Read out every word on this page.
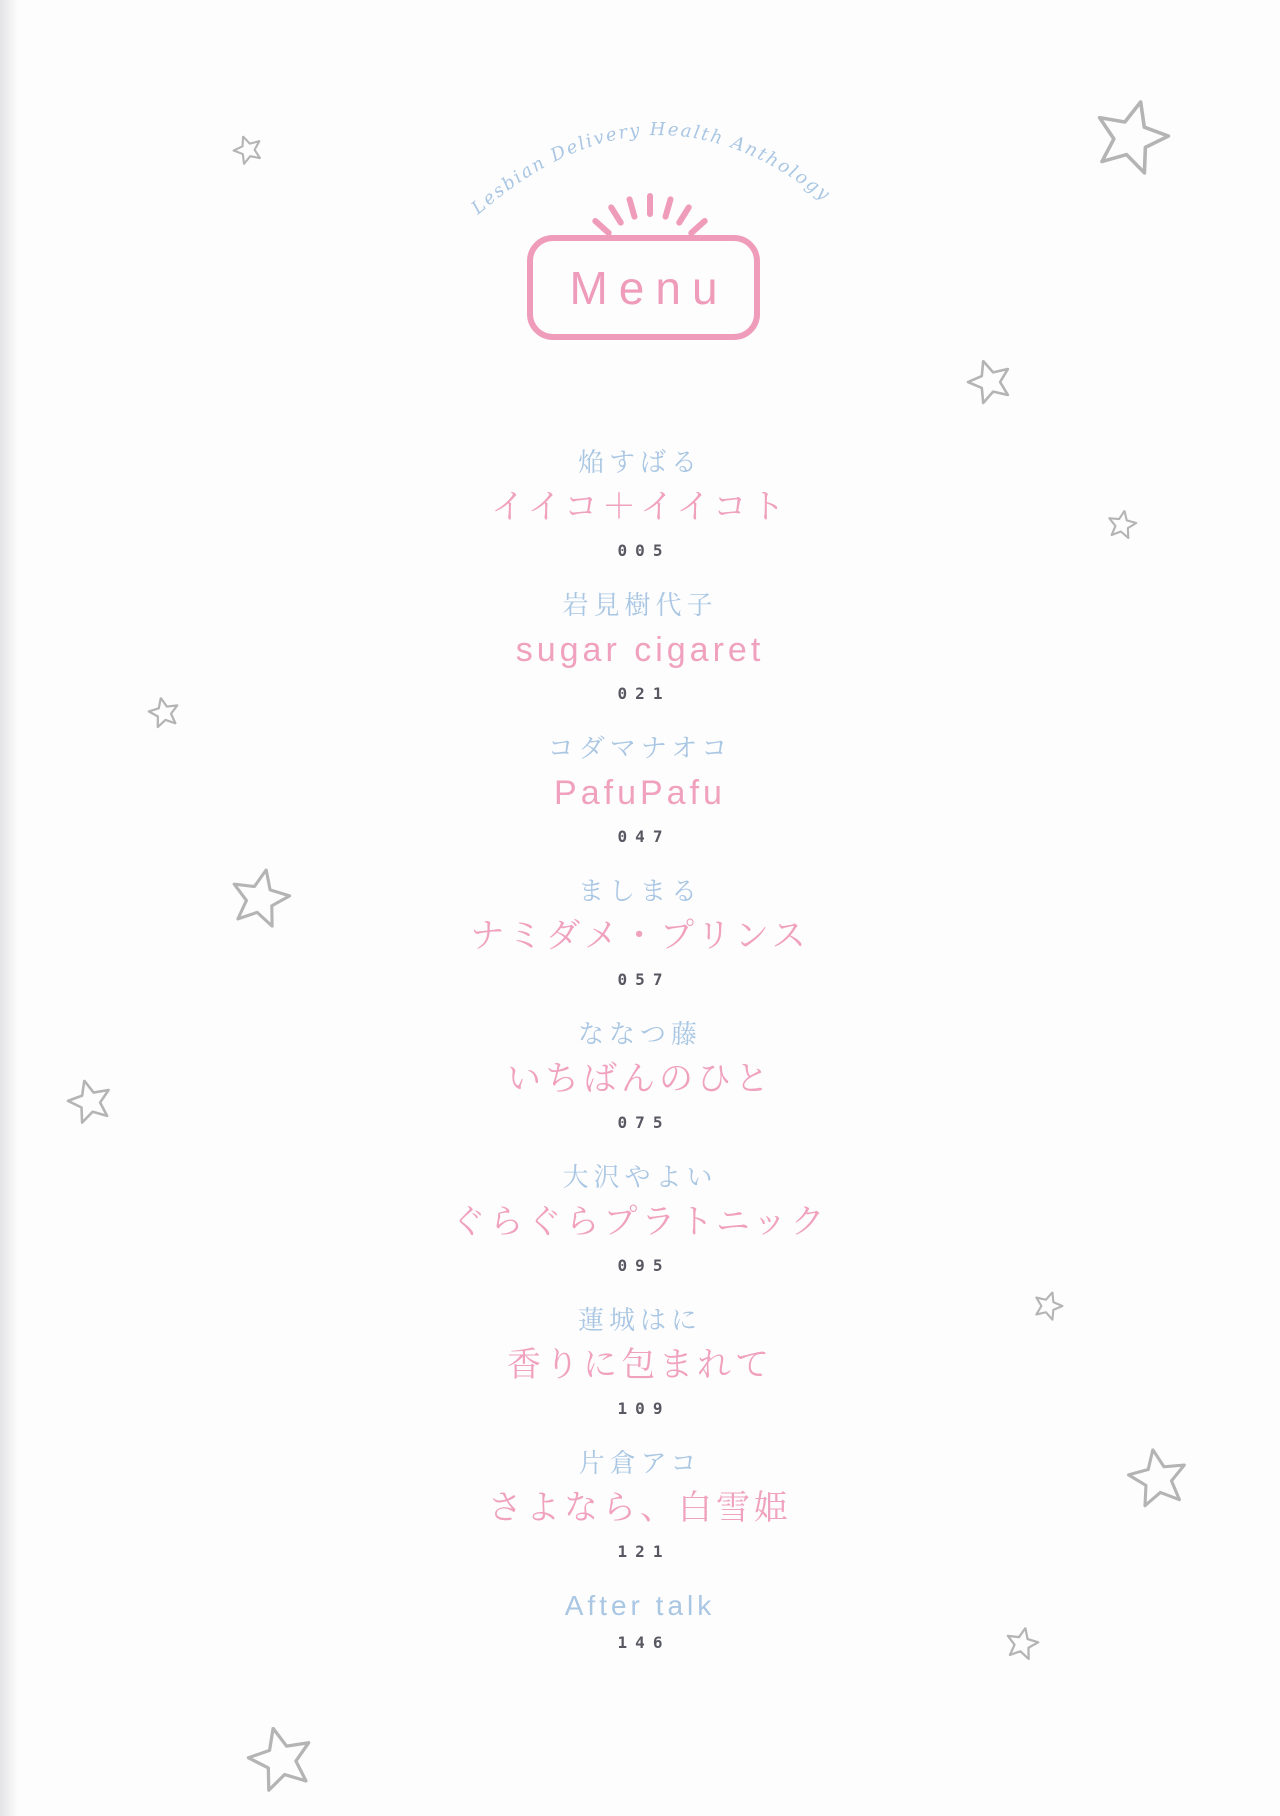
Lesbian Delivery Health Anthology
Menu
焔すばる
イイコ＋イイコト
005
岩見樹代子
sugar cigaret
021
コダマナオコ
PafuPafu
047
ましまる
ナミダメ・プリンス
057
ななつ藤
いちばんのひと
075
大沢やよい
ぐらぐらプラトニック
095
蓮城はに
香りに包まれて
109
片倉アコ
さよなら、白雪姫
121
After talk
146
